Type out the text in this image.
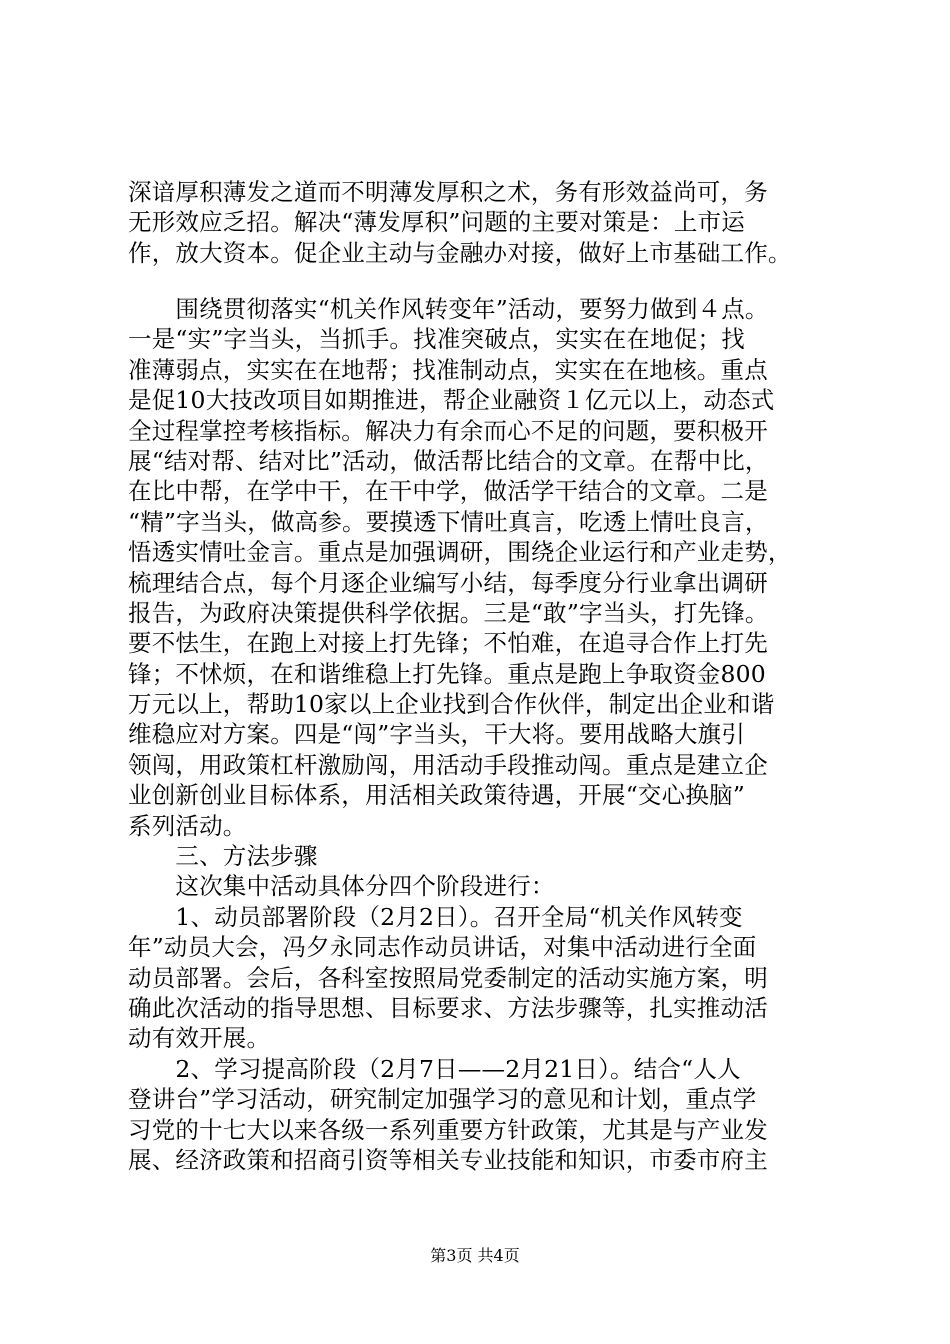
深谙厚积薄发之道而不明薄发厚积之术，务有形效益尚可，务
无形效应乏招。解决“薄发厚积”问题的主要对策是：上市运
作，放大资本。促企业主动与金融办对接，做好上市基础工作。
　　围绕贯彻落实“机关作风转变年”活动，要努力做到４点。
一是“实”字当头，当抓手。找准突破点，实实在在地促；找
准薄弱点，实实在在地帮；找准制动点，实实在在地核。重点
是促10大技改项目如期推进，帮企业融资１亿元以上，动态式
全过程掌控考核指标。解决力有余而心不足的问题，要积极开
展“结对帮、结对比”活动，做活帮比结合的文章。在帮中比，
在比中帮，在学中干，在干中学，做活学干结合的文章。二是
“精”字当头，做高参。要摸透下情吐真言，吃透上情吐良言，
悟透实情吐金言。重点是加强调研，围绕企业运行和产业走势，
梳理结合点，每个月逐企业编写小结，每季度分行业拿出调研
报告，为政府决策提供科学依据。三是“敢”字当头，打先锋。
要不怯生，在跑上对接上打先锋；不怕难，在追寻合作上打先
锋；不怵烦，在和谐维稳上打先锋。重点是跑上争取资金800
万元以上，帮助10家以上企业找到合作伙伴，制定出企业和谐
维稳应对方案。四是“闯”字当头，干大将。要用战略大旗引
领闯，用政策杠杆激励闯，用活动手段推动闯。重点是建立企
业创新创业目标体系，用活相关政策待遇，开展“交心换脑”
系列活动。
　　三、方法步骤
　　这次集中活动具体分四个阶段进行：
　　1、动员部署阶段（2月2日）。召开全局“机关作风转变
年”动员大会，冯夕永同志作动员讲话，对集中活动进行全面
动员部署。会后，各科室按照局党委制定的活动实施方案，明
确此次活动的指导思想、目标要求、方法步骤等，扎实推动活
动有效开展。
　　2、学习提高阶段（2月7日——2月21日）。结合“人人
登讲台”学习活动，研究制定加强学习的意见和计划，重点学
习党的十七大以来各级一系列重要方针政策，尤其是与产业发
展、经济政策和招商引资等相关专业技能和知识，市委市府主
第3页 共4页
